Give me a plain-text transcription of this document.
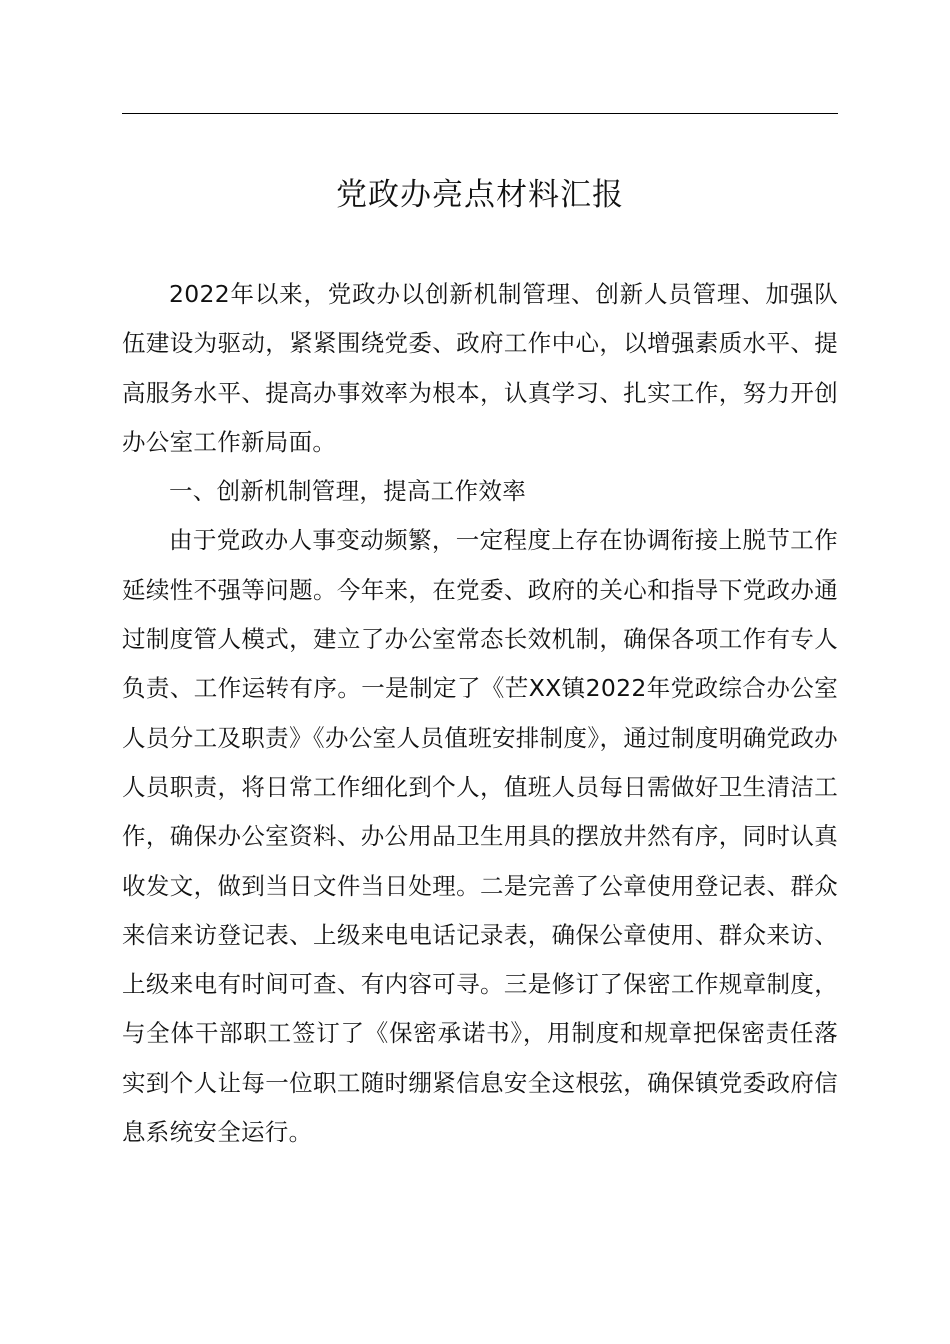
党政办亮点材料汇报

2022年以来，党政办以创新机制管理、创新人员管理、加强队伍建设为驱动，紧紧围绕党委、政府工作中心，以增强素质水平、提高服务水平、提高办事效率为根本，认真学习、扎实工作，努力开创办公室工作新局面。

一、创新机制管理，提高工作效率

由于党政办人事变动频繁，一定程度上存在协调衔接上脱节工作延续性不强等问题。今年来，在党委、政府的关心和指导下党政办通过制度管人模式，建立了办公室常态长效机制，确保各项工作有专人负责、工作运转有序。一是制定了《芒XX镇2022年党政综合办公室人员分工及职责》《办公室人员值班安排制度》，通过制度明确党政办人员职责，将日常工作细化到个人，值班人员每日需做好卫生清洁工作，确保办公室资料、办公用品卫生用具的摆放井然有序，同时认真收发文，做到当日文件当日处理。二是完善了公章使用登记表、群众来信来访登记表、上级来电电话记录表，确保公章使用、群众来访、上级来电有时间可查、有内容可寻。三是修订了保密工作规章制度，与全体干部职工签订了《保密承诺书》，用制度和规章把保密责任落实到个人让每一位职工随时绷紧信息安全这根弦，确保镇党委政府信息系统安全运行。
